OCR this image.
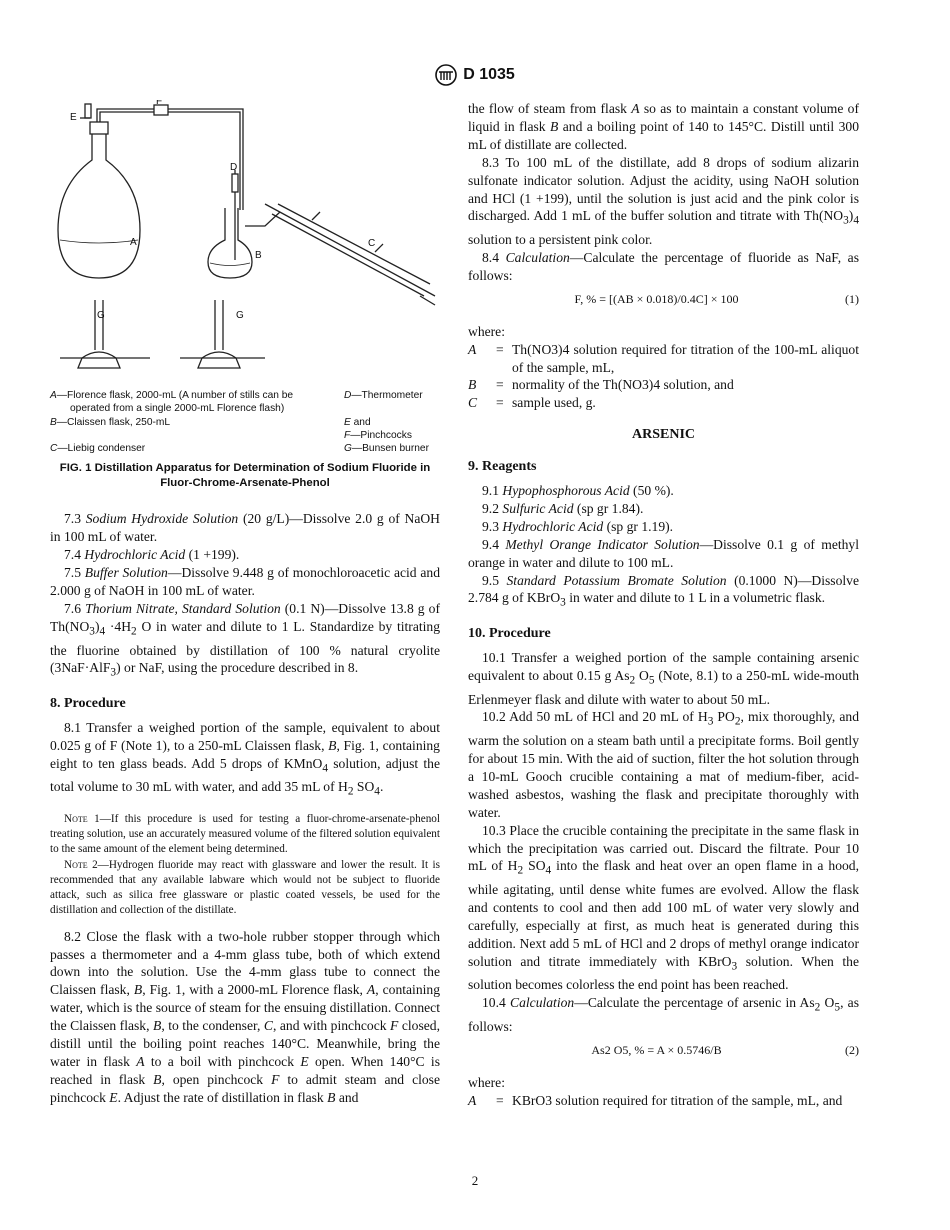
D 1035
A
B
C
D
E
F
G	G
A—Florence flask, 2000-mL (A number of stills can be
operated from a single 2000-mL Florence flash)
B—Claissen flask, 250-mL

C—Liebig condenser
D—Thermometer

E and
F—Pinchcocks
G—Bunsen burner
FIG. 1 Distillation Apparatus for Determination of Sodium Fluoride in Fluor-Chrome-Arsenate-Phenol

7.3 Sodium Hydroxide Solution (20 g/L)—Dissolve 2.0 g of NaOH in 100 mL of water.

7.4 Hydrochloric Acid (1 +199).

7.5 Buffer Solution—Dissolve 9.448 g of monochloroacetic acid and 2.000 g of NaOH in 100 mL of water.

7.6 Thorium Nitrate, Standard Solution (0.1 N)—Dissolve 13.8 g of $Th(NO_3)_4 \cdot 4H_2$ O in water and dilute to 1 L. Standardize by titrating the fluorine obtained by distillation of 100 % natural cryolite (3NaF·AlF$_3$) or NaF, using the procedure described in 8.

8. Procedure

8.1 Transfer a weighed portion of the sample, equivalent to about 0.025 g of F (Note 1), to a 250-mL Claissen flask, B, Fig. 1, containing eight to ten glass beads. Add 5 drops of KMnO$_4$ solution, adjust the total volume to 30 mL with water, and add 35 mL of $H_2$ $SO_4$.

Note 1—If this procedure is used for testing a fluor-chrome-arsenate-phenol treating solution, use an accurately measured volume of the filtered solution equivalent to the same amount of the element being determined.

Note 2—Hydrogen fluoride may react with glassware and lower the result. It is recommended that any available labware which would not be subject to fluoride attack, such as silica free glassware or plastic coated vessels, be used for the distillation and collection of the distillate.

8.2 Close the flask with a two-hole rubber stopper through which passes a thermometer and a 4-mm glass tube, both of which extend down into the solution. Use the 4-mm glass tube to connect the Claissen flask, B, Fig. 1, with a 2000-mL Florence flask, A, containing water, which is the source of steam for the ensuing distillation. Connect the Claissen flask, B, to the condenser, C, and with pinchcock F closed, distill until the boiling point reaches 140°C. Meanwhile, bring the water in flask A to a boil with pinchcock E open. When 140°C is reached in flask B, open pinchcock F to admit steam and close pinchcock E. Adjust the rate of distillation in flask B and

the flow of steam from flask A so as to maintain a constant volume of liquid in flask B and a boiling point of 140 to 145°C. Distill until 300 mL of distillate are collected.

8.3 To 100 mL of the distillate, add 8 drops of sodium alizarin sulfonate indicator solution. Adjust the acidity, using NaOH solution and HCl (1 +199), until the solution is just acid and the pink color is discharged. Add 1 mL of the buffer solution and titrate with $Th(NO_3)_4$ solution to a persistent pink color.

8.4 Calculation—Calculate the percentage of fluoride as NaF, as follows:

F, % = [(AB × 0.018)/0.4C] × 100	(1)
where:
A	= Th(NO3)4 solution required for titration of the 100-mL aliquot of the sample, mL,
B	= normality of the Th(NO3)4 solution, and
C	= sample used, g.
ARSENIC
9. Reagents

9.1 Hypophosphorous Acid (50 %).

9.2 Sulfuric Acid (sp gr 1.84).

9.3 Hydrochloric Acid (sp gr 1.19).

9.4 Methyl Orange Indicator Solution—Dissolve 0.1 g of methyl orange in water and dilute to 100 mL.

9.5 Standard Potassium Bromate Solution (0.1000 N)—Dissolve 2.784 g of KBrO$_3$ in water and dilute to 1 L in a volumetric flask.

10. Procedure

10.1 Transfer a weighed portion of the sample containing arsenic equivalent to about 0.15 g $As_2$ $O_5$ (Note, 8.1) to a 250-mL wide-mouth Erlenmeyer flask and dilute with water to about 50 mL.

10.2 Add 50 mL of HCl and 20 mL of $H_3$ $PO_2$, mix thoroughly, and warm the solution on a steam bath until a precipitate forms. Boil gently for about 15 min. With the aid of suction, filter the hot solution through a 10-mL Gooch crucible containing a mat of medium-fiber, acid-washed asbestos, washing the flask and precipitate thoroughly with water.

10.3 Place the crucible containing the precipitate in the same flask in which the precipitation was carried out. Discard the filtrate. Pour 10 mL of $H_2$ $SO_4$ into the flask and heat over an open flame in a hood, while agitating, until dense white fumes are evolved. Allow the flask and contents to cool and then add 100 mL of water very slowly and carefully, especially at first, as much heat is generated during this addition. Next add 5 mL of HCl and 2 drops of methyl orange indicator solution and titrate immediately with KBrO$_3$ solution. When the solution becomes colorless the end point has been reached.

10.4 Calculation—Calculate the percentage of arsenic in $As_2$ $O_5$, as follows:

As2 O5, % = A × 0.5746/B	(2)
where:
A	= KBrO3 solution required for titration of the sample, mL, and
2
